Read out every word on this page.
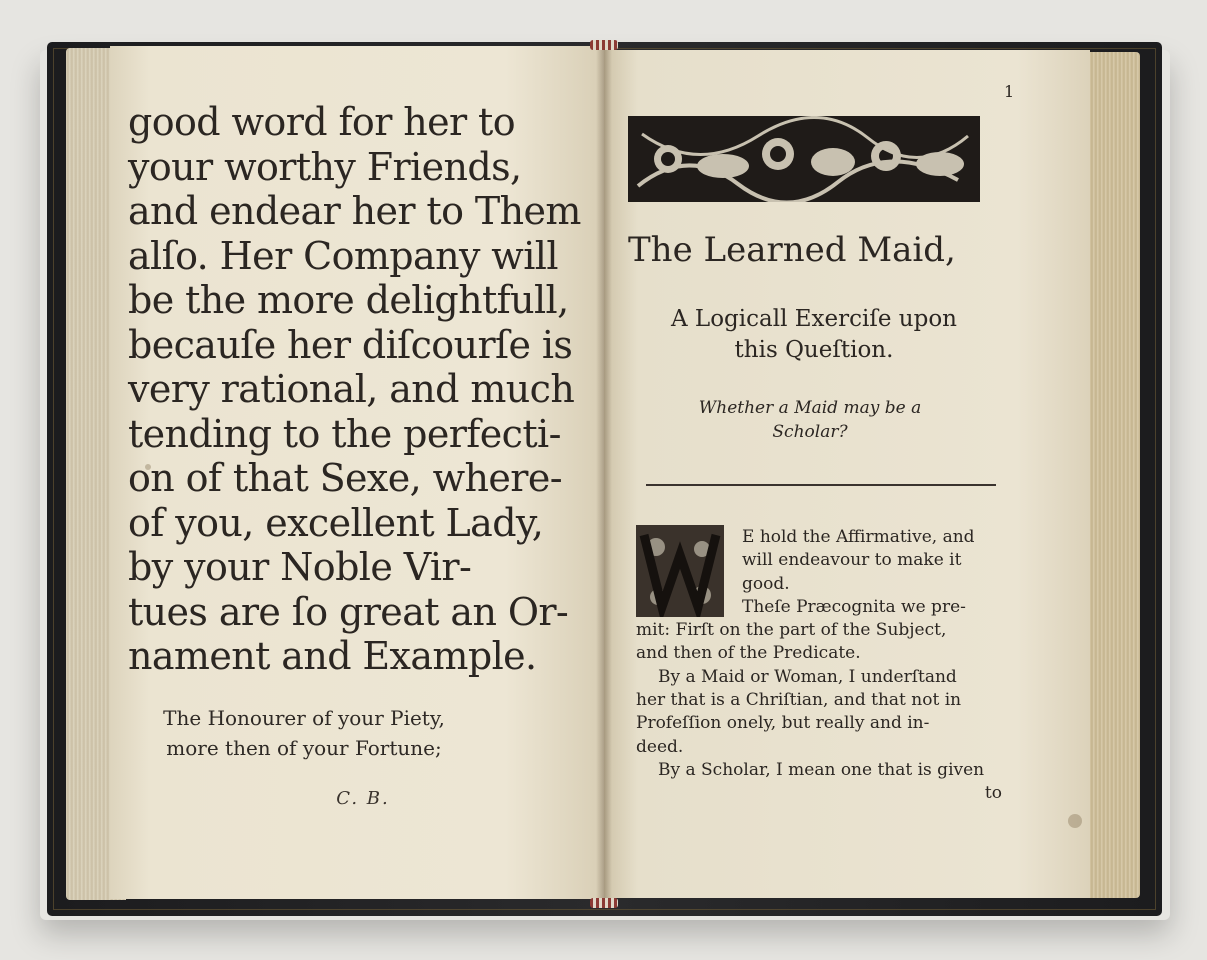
good word for her to
your worthy Friends,
and endear her to Them
alſo. Her Company will
be the more delightfull,
becauſe her diſcourſe is
very rational, and much
tending to the perfecti-
on of that Sexe, where-
of you, excellent Lady,
by your Noble Vir-
tues are ſo great an Or-
nament and Example.
The Honourer of your Piety,
more then of your Fortune;
C. B.
1
The Learned Maid,
A Logicall Exerciſe upon
this Queſtion.
Whether a Maid may be a
Scholar?
E hold the Affirmative, and
will endeavour to make it
good.
Theſe Præcognita we pre-
mit: Firſt on the part of the Subject,
and then of the Predicate.
By a Maid or Woman, I underſtand
her that is a Chriſtian, and that not in
Profeſſion onely, but really and in-
deed.
By a Scholar, I mean one that is given
to
